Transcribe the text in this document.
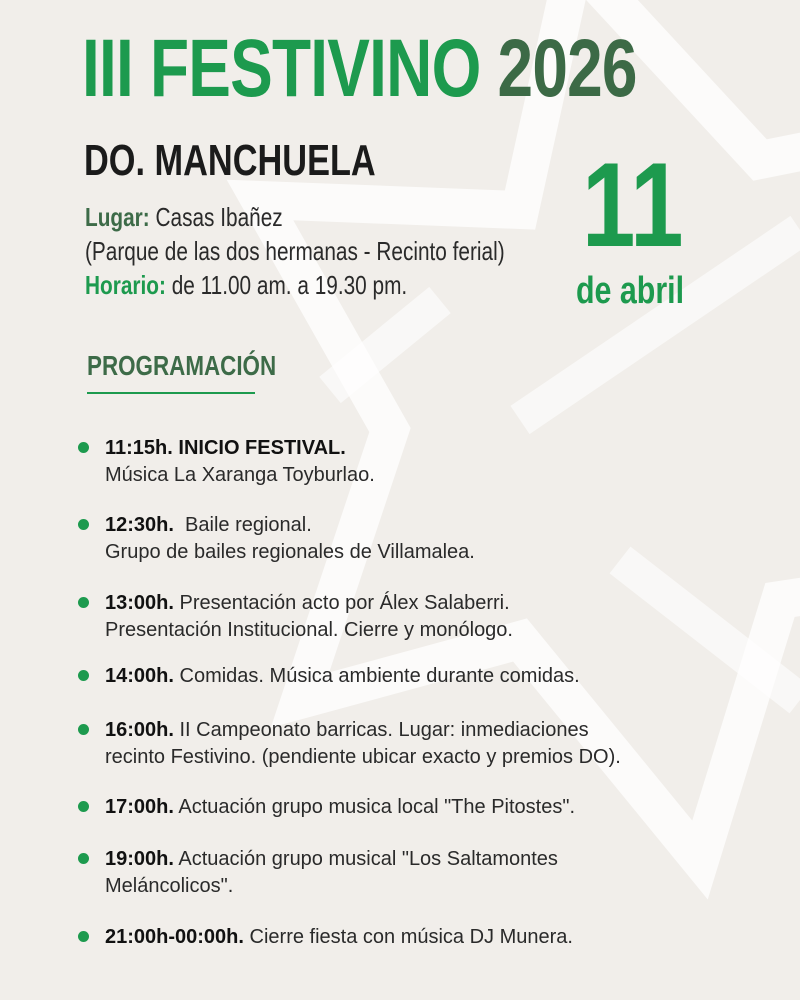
III FESTIVINO 2026
DO. MANCHUELA
Lugar: Casas Ibañez
(Parque de las dos hermanas - Recinto ferial)
Horario: de 11.00 am. a 19.30 pm.
11
de abril
PROGRAMACIÓN
11:15h. INICIO FESTIVAL.
Música La Xaranga Toyburlao.
12:30h.  Baile regional.
Grupo de bailes regionales de Villamalea.
13:00h. Presentación acto por Álex Salaberri.
Presentación Institucional. Cierre y monólogo.
14:00h. Comidas. Música ambiente durante comidas.
16:00h. II Campeonato barricas. Lugar: inmediaciones
recinto Festivino. (pendiente ubicar exacto y premios DO).
17:00h. Actuación grupo musica local "The Pitostes".
19:00h. Actuación grupo musical "Los Saltamontes
Meláncolicos".
21:00h-00:00h. Cierre fiesta con música DJ Munera.
